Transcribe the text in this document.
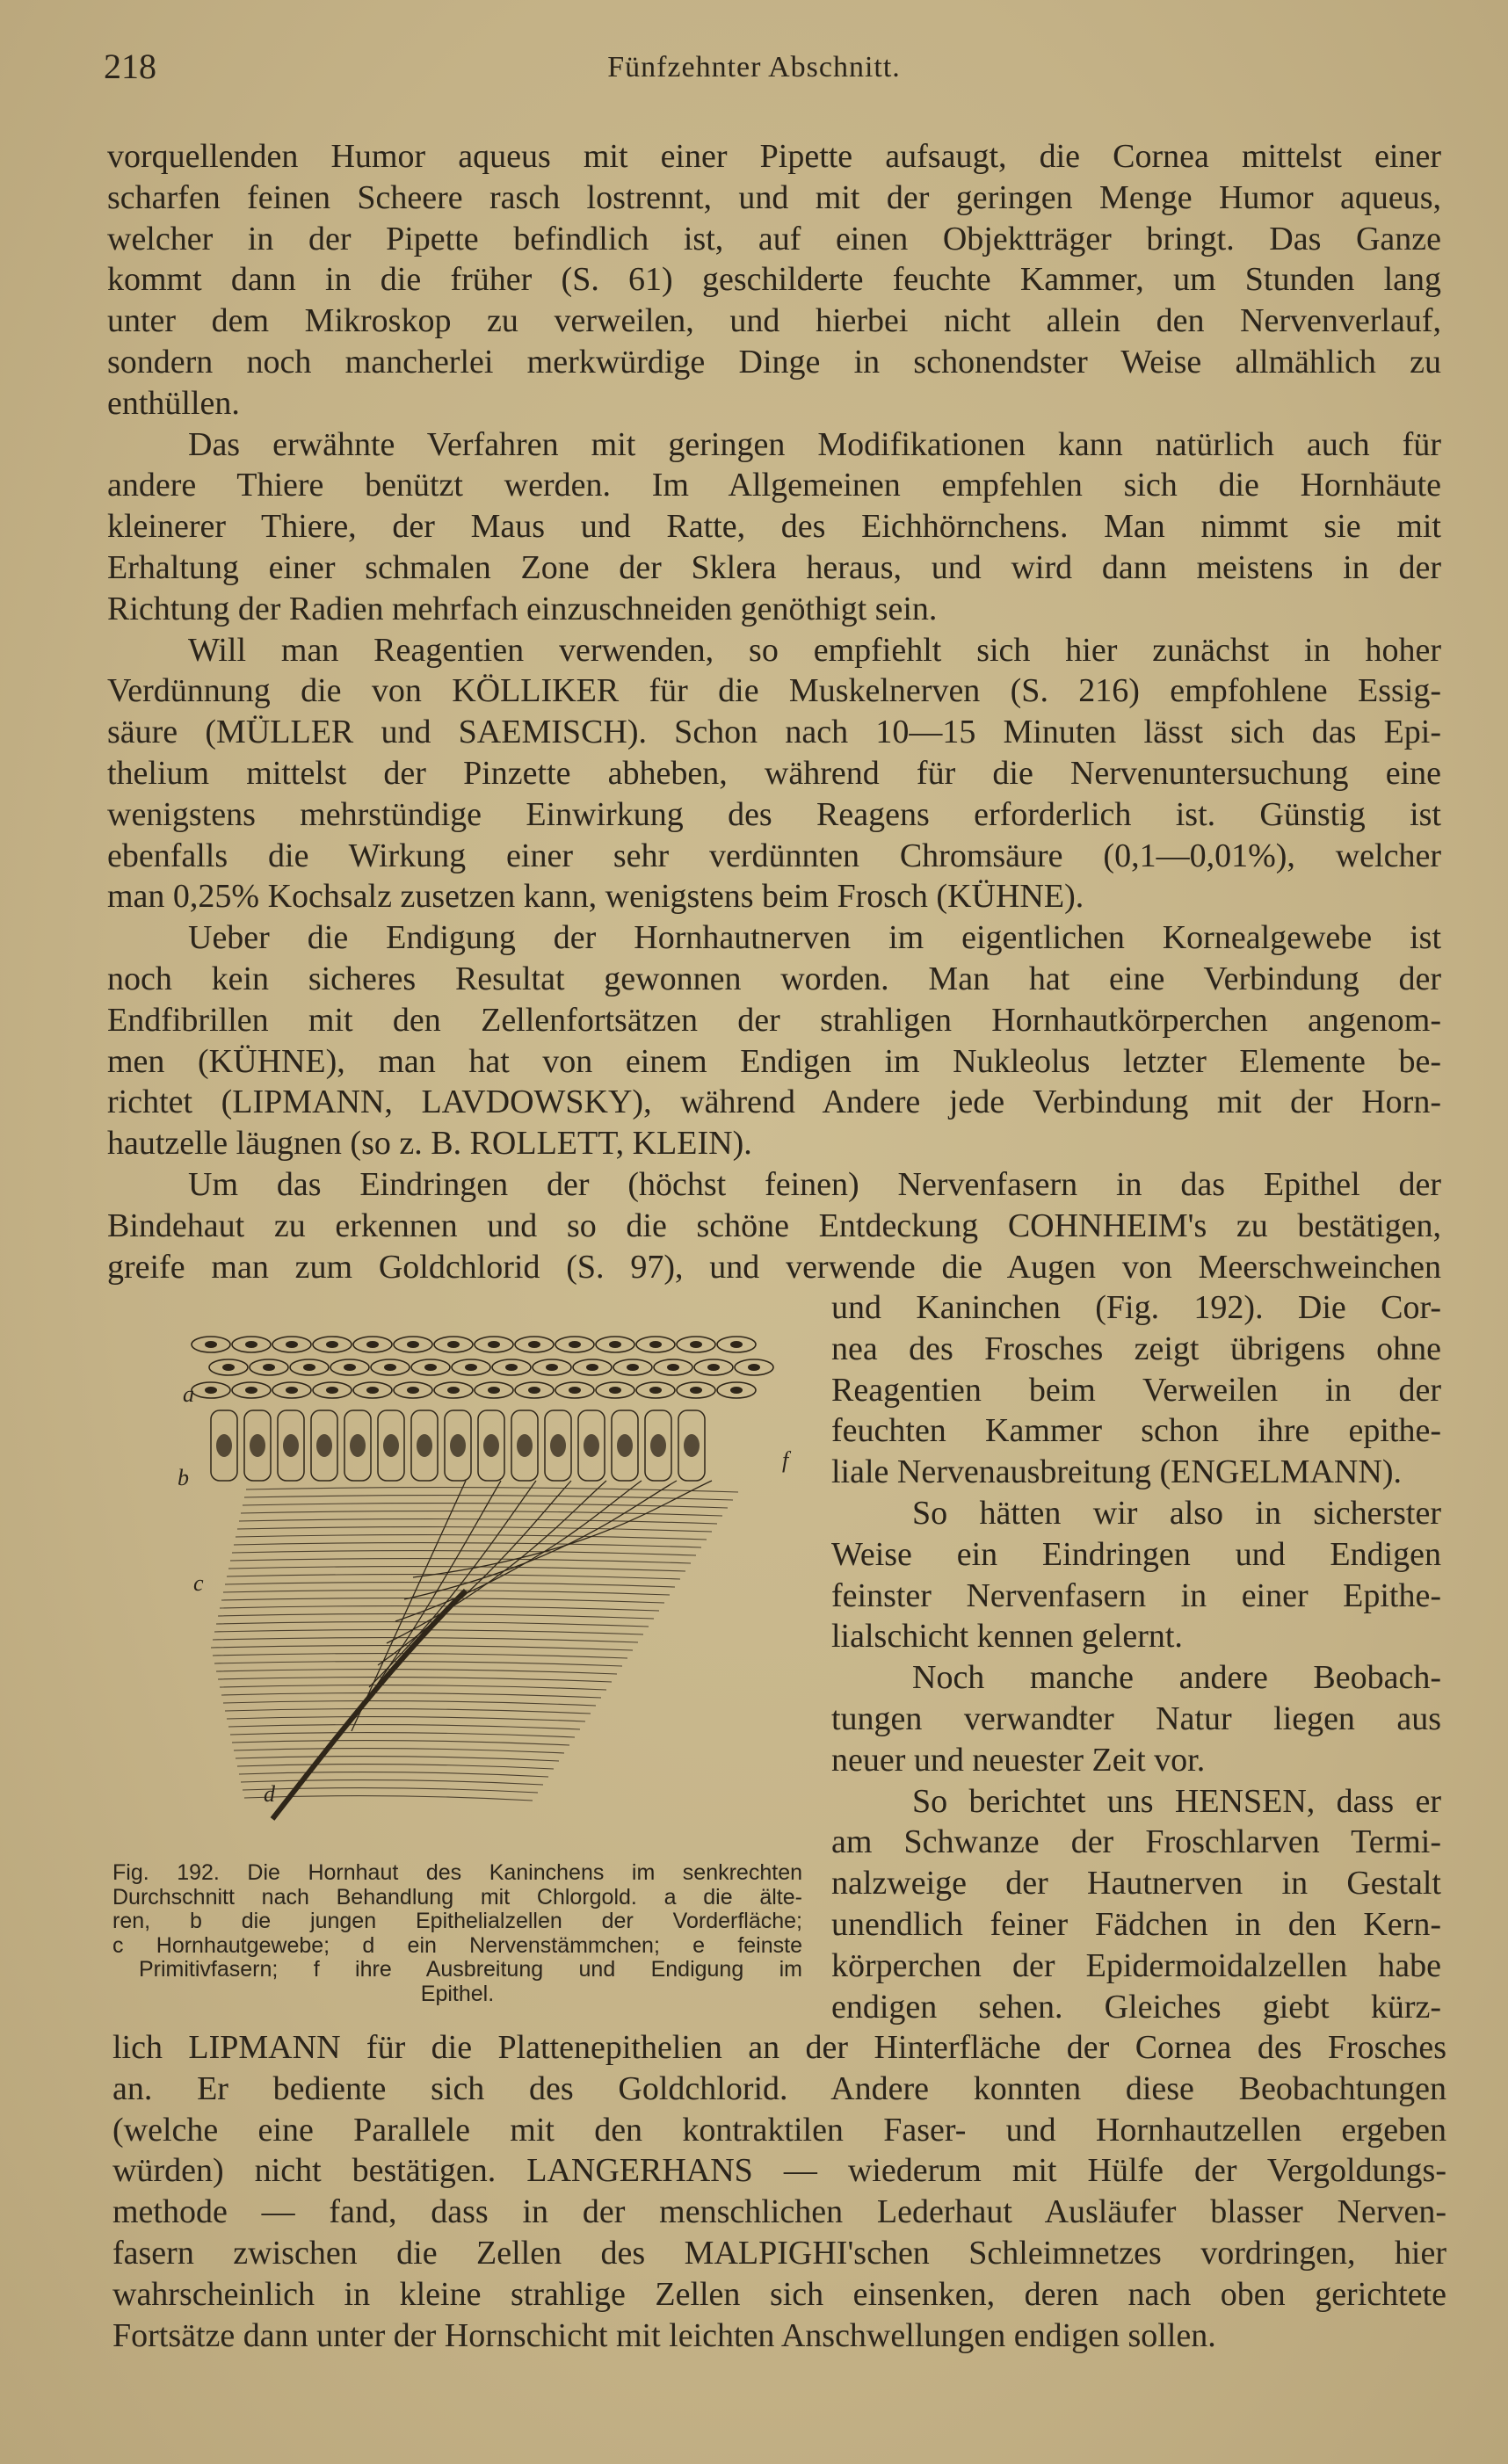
218	Fünfzehnter Abschnitt.
vorquellenden Humor aqueus mit einer Pipette aufsaugt, die Cornea mittelst einer
scharfen feinen Scheere rasch lostrennt, und mit der geringen Menge Humor aqueus,
welcher in der Pipette befindlich ist, auf einen Objektträger bringt. Das Ganze
kommt dann in die früher (S. 61) geschilderte feuchte Kammer, um Stunden lang
unter dem Mikroskop zu verweilen, und hierbei nicht allein den Nervenverlauf,
sondern noch mancherlei merkwürdige Dinge in schonendster Weise allmählich zu
enthüllen.
Das erwähnte Verfahren mit geringen Modifikationen kann natürlich auch für
andere Thiere benützt werden. Im Allgemeinen empfehlen sich die Hornhäute
kleinerer Thiere, der Maus und Ratte, des Eichhörnchens. Man nimmt sie mit
Erhaltung einer schmalen Zone der Sklera heraus, und wird dann meistens in der
Richtung der Radien mehrfach einzuschneiden genöthigt sein.
Will man Reagentien verwenden, so empfiehlt sich hier zunächst in hoher
Verdünnung die von KÖLLIKER für die Muskelnerven (S. 216) empfohlene Essig-
säure (MÜLLER und SAEMISCH). Schon nach 10—15 Minuten lässt sich das Epi-
thelium mittelst der Pinzette abheben, während für die Nervenuntersuchung eine
wenigstens mehrstündige Einwirkung des Reagens erforderlich ist. Günstig ist
ebenfalls die Wirkung einer sehr verdünnten Chromsäure (0,1—0,01%), welcher
man 0,25% Kochsalz zusetzen kann, wenigstens beim Frosch (KÜHNE).
Ueber die Endigung der Hornhautnerven im eigentlichen Kornealgewebe ist
noch kein sicheres Resultat gewonnen worden. Man hat eine Verbindung der
Endfibrillen mit den Zellenfortsätzen der strahligen Hornhautkörperchen angenom-
men (KÜHNE), man hat von einem Endigen im Nukleolus letzter Elemente be-
richtet (LIPMANN, LAVDOWSKY), während Andere jede Verbindung mit der Horn-
hautzelle läugnen (so z. B. ROLLETT, KLEIN).
Um das Eindringen der (höchst feinen) Nervenfasern in das Epithel der
Bindehaut zu erkennen und so die schöne Entdeckung COHNHEIM's zu bestätigen,
greife man zum Goldchlorid (S. 97), und verwende die Augen von Meerschweinchen
und Kaninchen (Fig. 192). Die Cor-
nea des Frosches zeigt übrigens ohne
Reagentien beim Verweilen in der
feuchten Kammer schon ihre epithe-
liale Nervenausbreitung (ENGELMANN).
So hätten wir also in sicherster
Weise ein Eindringen und Endigen
feinster Nervenfasern in einer Epithe-
lialschicht kennen gelernt.
Noch manche andere Beobach-
tungen verwandter Natur liegen aus
neuer und neuester Zeit vor.
So berichtet uns HENSEN, dass er
am Schwanze der Froschlarven Termi-
nalzweige der Hautnerven in Gestalt
unendlich feiner Fädchen in den Kern-
körperchen der Epidermoidalzellen habe
endigen sehen. Gleiches giebt kürz-
lich LIPMANN für die Plattenepithelien an der Hinterfläche der Cornea des Frosches
an. Er bediente sich des Goldchlorid. Andere konnten diese Beobachtungen
(welche eine Parallele mit den kontraktilen Faser- und Hornhautzellen ergeben
würden) nicht bestätigen. LANGERHANS — wiederum mit Hülfe der Vergoldungs-
methode — fand, dass in der menschlichen Lederhaut Ausläufer blasser Nerven-
fasern zwischen die Zellen des MALPIGHI'schen Schleimnetzes vordringen, hier
wahrscheinlich in kleine strahlige Zellen sich einsenken, deren nach oben gerichtete
Fortsätze dann unter der Hornschicht mit leichten Anschwellungen endigen sollen.
a
b
c
d
f
Fig. 192. Die Hornhaut des Kaninchens im senkrechten
Durchschnitt nach Behandlung mit Chlorgold. a die älte-
ren, b die jungen Epithelialzellen der Vorderfläche;
c Hornhautgewebe; d ein Nervenstämmchen; e feinste
Primitivfasern; f ihre Ausbreitung und Endigung im
Epithel.
